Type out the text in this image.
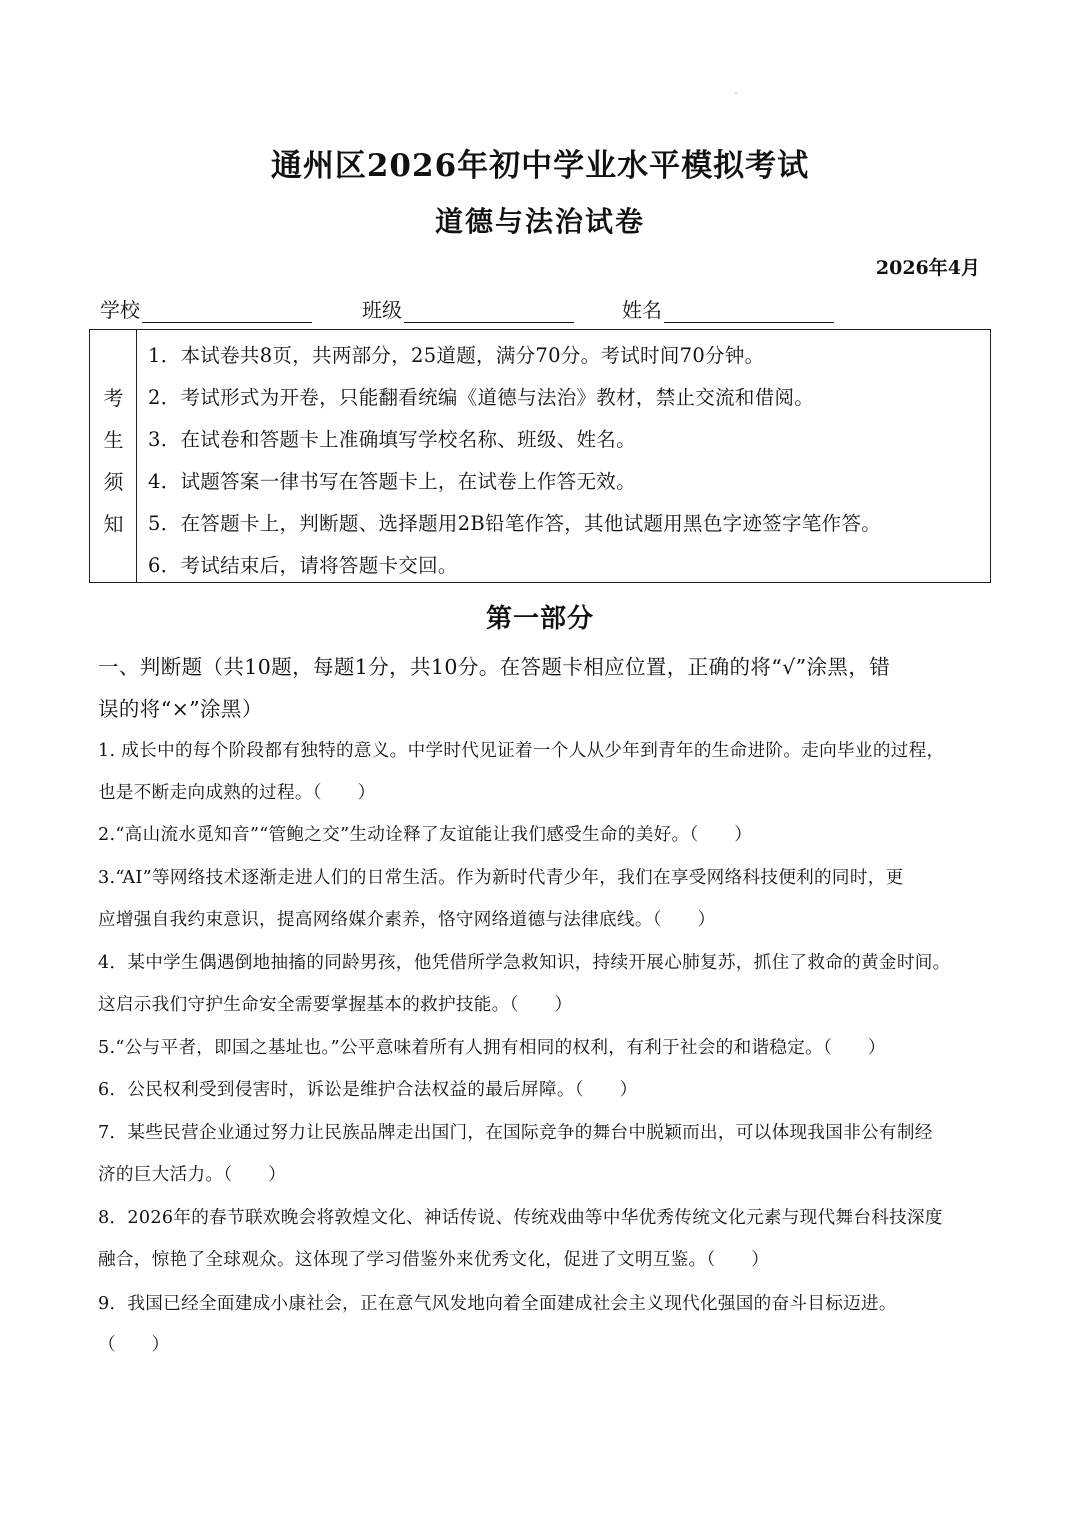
通州区2026年初中学业水平模拟考试
道德与法治试卷
2026年4月
学校	班级	姓名
考
生
须
知
1．本试卷共8页，共两部分，25道题，满分70分。考试时间70分钟。
2．考试形式为开卷，只能翻看统编《道德与法治》教材，禁止交流和借阅。
3．在试卷和答题卡上准确填写学校名称、班级、姓名。
4．试题答案一律书写在答题卡上，在试卷上作答无效。
5．在答题卡上，判断题、选择题用2B铅笔作答，其他试题用黑色字迹签字笔作答。
6．考试结束后，请将答题卡交回。
第一部分
一、判断题（共10题，每题1分，共10分。在答题卡相应位置，正确的将“√”涂黑，错
误的将“×”涂黑）
1. 成长中的每个阶段都有独特的意义。中学时代见证着一个人从少年到青年的生命进阶。走向毕业的过程，
也是不断走向成熟的过程。（　　）
2.“高山流水觅知音”“管鲍之交”生动诠释了友谊能让我们感受生命的美好。（　　）
3.“AI”等网络技术逐渐走进人们的日常生活。作为新时代青少年，我们在享受网络科技便利的同时，更
应增强自我约束意识，提高网络媒介素养，恪守网络道德与法律底线。（　　）
4．某中学生偶遇倒地抽搐的同龄男孩，他凭借所学急救知识，持续开展心肺复苏，抓住了救命的黄金时间。
这启示我们守护生命安全需要掌握基本的救护技能。（　　）
5.“公与平者，即国之基址也。”公平意味着所有人拥有相同的权利，有利于社会的和谐稳定。（　　）
6．公民权利受到侵害时，诉讼是维护合法权益的最后屏障。（　　）
7．某些民营企业通过努力让民族品牌走出国门，在国际竞争的舞台中脱颖而出，可以体现我国非公有制经
济的巨大活力。（　　）
8．2026年的春节联欢晚会将敦煌文化、神话传说、传统戏曲等中华优秀传统文化元素与现代舞台科技深度
融合，惊艳了全球观众。这体现了学习借鉴外来优秀文化，促进了文明互鉴。（　　）
9．我国已经全面建成小康社会，正在意气风发地向着全面建成社会主义现代化强国的奋斗目标迈进。
（　　）
